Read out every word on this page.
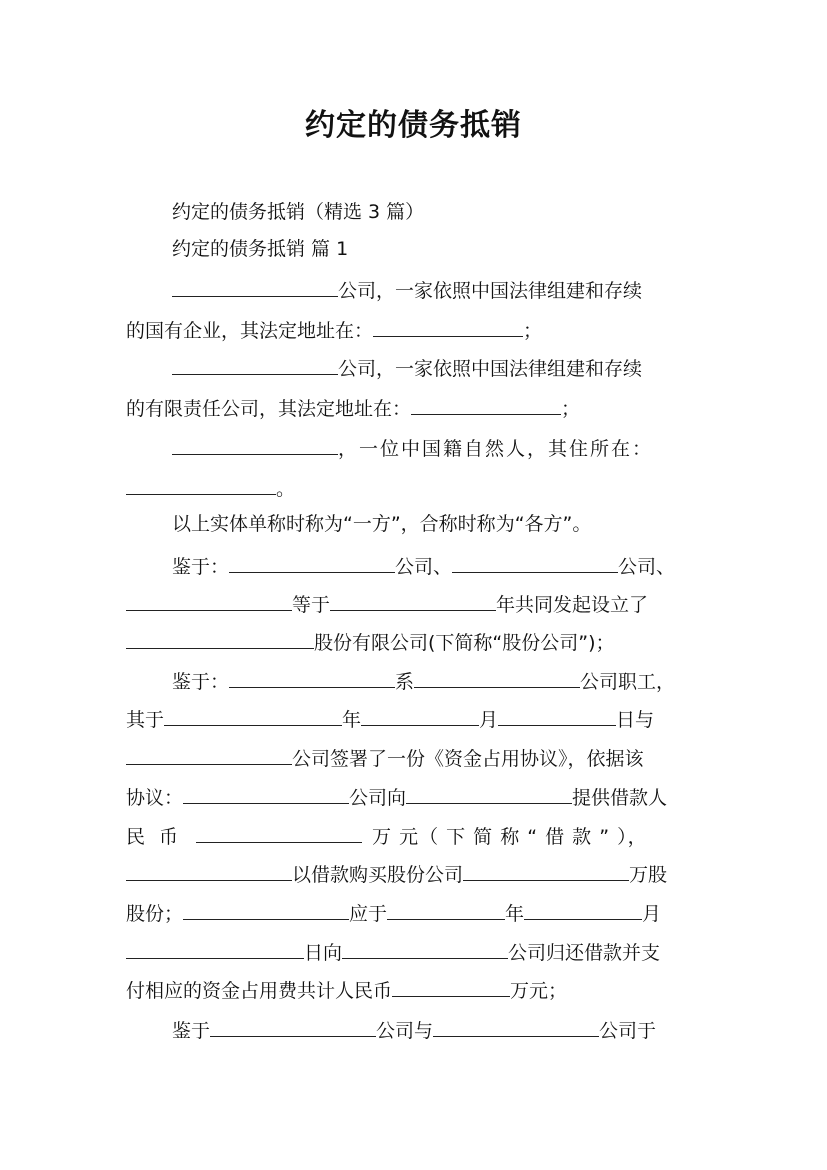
约定的债务抵销
约定的债务抵销（精选 3 篇）
约定的债务抵销 篇 1
公司，一家依照中国法律组建和存续
的国有企业，其法定地址在：	；
公司，一家依照中国法律组建和存续
的有限责任公司，其法定地址在：	；
，一位中国籍自然人，其住所在：
。
以上实体单称时称为“一方”，合称时称为“各方”。
鉴于：	公司、	公司、
等于	年共同发起设立了
股份有限公司(下简称“股份公司”)；
鉴于：	系	公司职工，
其于	年	月	日与
公司签署了一份《资金占用协议》，依据该
协议：	公司向	提供借款人
民 币	万 元（ 下 简 称 “ 借 款 ” ），
以借款购买股份公司	万股
股份；	应于	年	月
日向	公司归还借款并支
付相应的资金占用费共计人民币	万元；
鉴于	公司与	公司于
